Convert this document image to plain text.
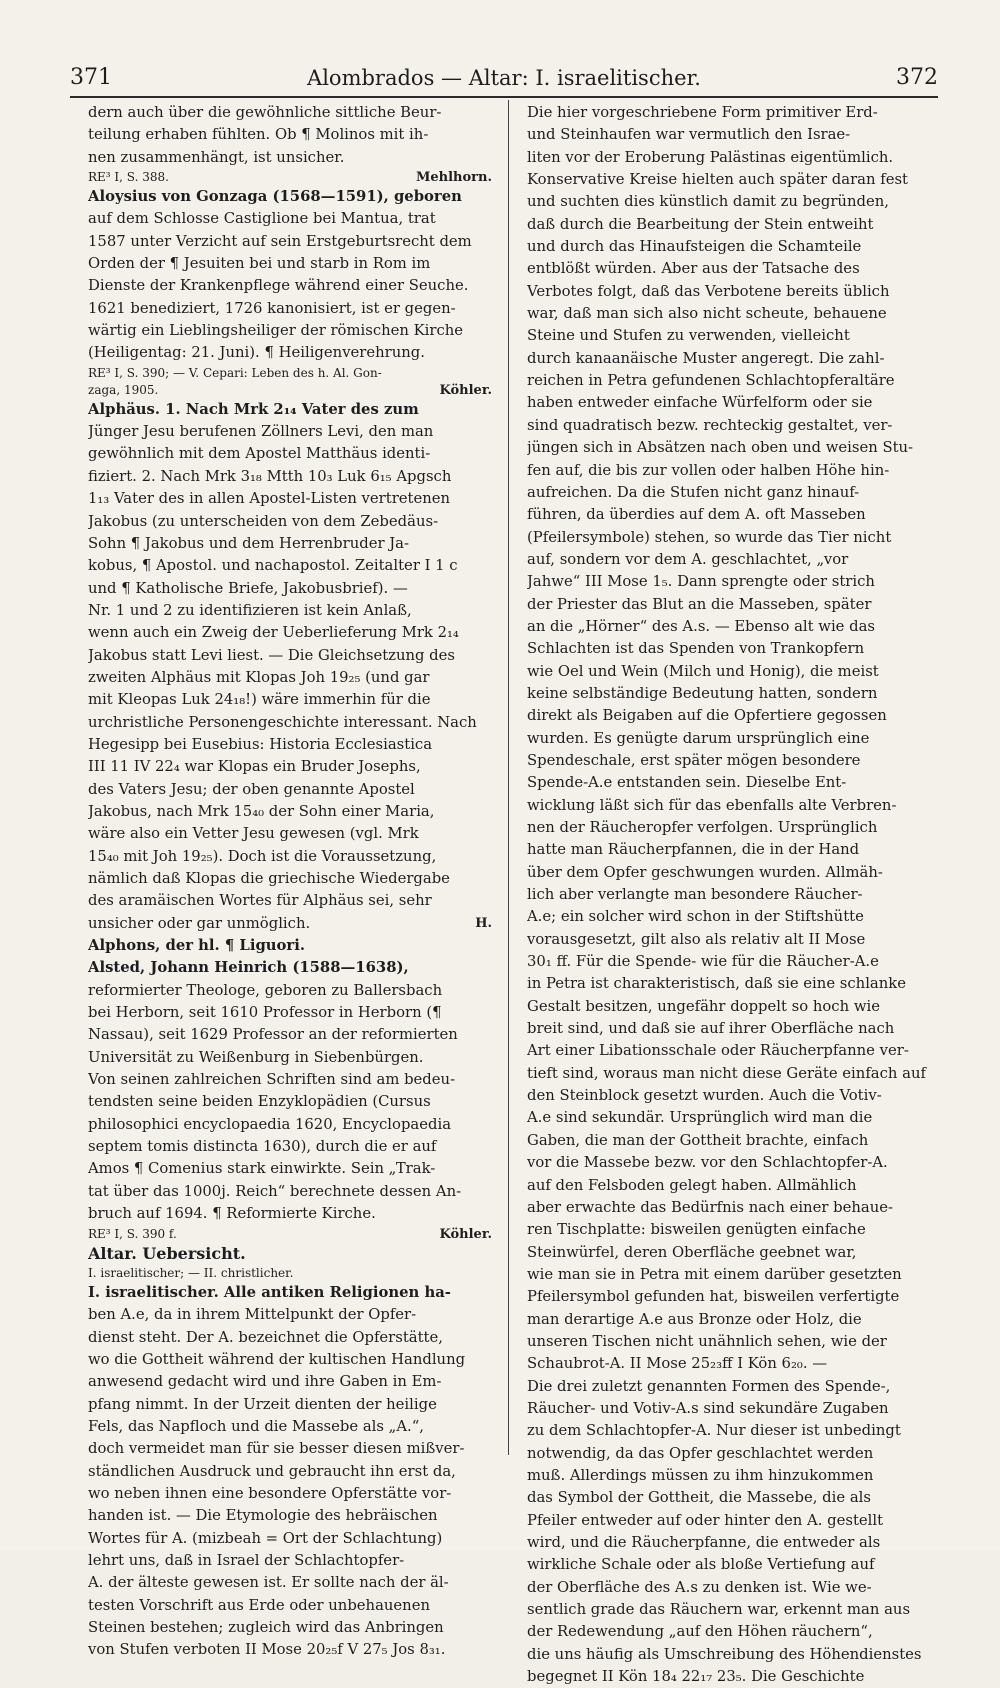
371	Alombrados — Altar: I. israelitischer.	372
dern auch über die gewöhnliche sittliche Beur-
teilung erhaben fühlten. Ob ¶ Molinos mit ih-
nen zusammenhängt, ist unsicher.
RE³ I, S. 388.	Mehlhorn.
Aloysius von Gonzaga (1568—1591), geboren
auf dem Schlosse Castiglione bei Mantua, trat
1587 unter Verzicht auf sein Erstgeburtsrecht dem
Orden der ¶ Jesuiten bei und starb in Rom im
Dienste der Krankenpflege während einer Seuche.
1621 benediziert, 1726 kanonisiert, ist er gegen-
wärtig ein Lieblingsheiliger der römischen Kirche
(Heiligentag: 21. Juni). ¶ Heiligenverehrung.
RE³ I, S. 390; — V. Cepari: Leben des h. Al. Gon-
zaga, 1905.	Köhler.
Alphäus. 1. Nach Mrk 2₁₄ Vater des zum
Jünger Jesu berufenen Zöllners Levi, den man
gewöhnlich mit dem Apostel Matthäus identi-
fiziert. 2. Nach Mrk 3₁₈ Mtth 10₃ Luk 6₁₅ Apgsch
1₁₃ Vater des in allen Apostel-Listen vertretenen
Jakobus (zu unterscheiden von dem Zebedäus-
Sohn ¶ Jakobus und dem Herrenbruder Ja-
kobus, ¶ Apostol. und nachapostol. Zeitalter I 1 c
und ¶ Katholische Briefe, Jakobusbrief). —
Nr. 1 und 2 zu identifizieren ist kein Anlaß,
wenn auch ein Zweig der Ueberlieferung Mrk 2₁₄
Jakobus statt Levi liest. — Die Gleichsetzung des
zweiten Alphäus mit Klopas Joh 19₂₅ (und gar
mit Kleopas Luk 24₁₈!) wäre immerhin für die
urchristliche Personengeschichte interessant. Nach
Hegesipp bei Eusebius: Historia Ecclesiastica
III 11 IV 22₄ war Klopas ein Bruder Josephs,
des Vaters Jesu; der oben genannte Apostel
Jakobus, nach Mrk 15₄₀ der Sohn einer Maria,
wäre also ein Vetter Jesu gewesen (vgl. Mrk
15₄₀ mit Joh 19₂₅). Doch ist die Voraussetzung,
nämlich daß Klopas die griechische Wiedergabe
des aramäischen Wortes für Alphäus sei, sehr
unsicher oder gar unmöglich.	H.
Alphons, der hl. ¶ Liguori.
Alsted, Johann Heinrich (1588—1638),
reformierter Theologe, geboren zu Ballersbach
bei Herborn, seit 1610 Professor in Herborn (¶
Nassau), seit 1629 Professor an der reformierten
Universität zu Weißenburg in Siebenbürgen.
Von seinen zahlreichen Schriften sind am bedeu-
tendsten seine beiden Enzyklopädien (Cursus
philosophici encyclopaedia 1620, Encyclopaedia
septem tomis distincta 1630), durch die er auf
Amos ¶ Comenius stark einwirkte. Sein „Trak-
tat über das 1000j. Reich“ berechnete dessen An-
bruch auf 1694. ¶ Reformierte Kirche.
RE³ I, S. 390 f.	Köhler.
Altar. Uebersicht.
I. israelitischer; — II. christlicher.
I. israelitischer. Alle antiken Religionen ha-
ben A.e, da in ihrem Mittelpunkt der Opfer-
dienst steht. Der A. bezeichnet die Opferstätte,
wo die Gottheit während der kultischen Handlung
anwesend gedacht wird und ihre Gaben in Em-
pfang nimmt. In der Urzeit dienten der heilige
Fels, das Napfloch und die Massebe als „A.“,
doch vermeidet man für sie besser diesen mißver-
ständlichen Ausdruck und gebraucht ihn erst da,
wo neben ihnen eine besondere Opferstätte vor-
handen ist. — Die Etymologie des hebräischen
Wortes für A. (mizbeah = Ort der Schlachtung)
lehrt uns, daß in Israel der Schlachtopfer-
A. der älteste gewesen ist. Er sollte nach der äl-
testen Vorschrift aus Erde oder unbehauenen
Steinen bestehen; zugleich wird das Anbringen
von Stufen verboten II Mose 20₂₅f V 27₅ Jos 8₃₁.
Die hier vorgeschriebene Form primitiver Erd-
und Steinhaufen war vermutlich den Israe-
liten vor der Eroberung Palästinas eigentümlich.
Konservative Kreise hielten auch später daran fest
und suchten dies künstlich damit zu begründen,
daß durch die Bearbeitung der Stein entweiht
und durch das Hinaufsteigen die Schamteile
entblößt würden. Aber aus der Tatsache des
Verbotes folgt, daß das Verbotene bereits üblich
war, daß man sich also nicht scheute, behauene
Steine und Stufen zu verwenden, vielleicht
durch kanaanäische Muster angeregt. Die zahl-
reichen in Petra gefundenen Schlachtopferaltäre
haben entweder einfache Würfelform oder sie
sind quadratisch bezw. rechteckig gestaltet, ver-
jüngen sich in Absätzen nach oben und weisen Stu-
fen auf, die bis zur vollen oder halben Höhe hin-
aufreichen. Da die Stufen nicht ganz hinauf-
führen, da überdies auf dem A. oft Masseben
(Pfeilersymbole) stehen, so wurde das Tier nicht
auf, sondern vor dem A. geschlachtet, „vor
Jahwe“ III Mose 1₅. Dann sprengte oder strich
der Priester das Blut an die Masseben, später
an die „Hörner“ des A.s. — Ebenso alt wie das
Schlachten ist das Spenden von Trankopfern
wie Oel und Wein (Milch und Honig), die meist
keine selbständige Bedeutung hatten, sondern
direkt als Beigaben auf die Opfertiere gegossen
wurden. Es genügte darum ursprünglich eine
Spendeschale, erst später mögen besondere
Spende-A.e entstanden sein. Dieselbe Ent-
wicklung läßt sich für das ebenfalls alte Verbren-
nen der Räucheropfer verfolgen. Ursprünglich
hatte man Räucherpfannen, die in der Hand
über dem Opfer geschwungen wurden. Allmäh-
lich aber verlangte man besondere Räucher-
A.e; ein solcher wird schon in der Stiftshütte
vorausgesetzt, gilt also als relativ alt II Mose
30₁ ff. Für die Spende- wie für die Räucher-A.e
in Petra ist charakteristisch, daß sie eine schlanke
Gestalt besitzen, ungefähr doppelt so hoch wie
breit sind, und daß sie auf ihrer Oberfläche nach
Art einer Libationsschale oder Räucherpfanne ver-
tieft sind, woraus man nicht diese Geräte einfach auf
den Steinblock gesetzt wurden. Auch die Votiv-
A.e sind sekundär. Ursprünglich wird man die
Gaben, die man der Gottheit brachte, einfach
vor die Massebe bezw. vor den Schlachtopfer-A.
auf den Felsboden gelegt haben. Allmählich
aber erwachte das Bedürfnis nach einer behaue-
ren Tischplatte: bisweilen genügten einfache
Steinwürfel, deren Oberfläche geebnet war,
wie man sie in Petra mit einem darüber gesetzten
Pfeilersymbol gefunden hat, bisweilen verfertigte
man derartige A.e aus Bronze oder Holz, die
unseren Tischen nicht unähnlich sehen, wie der
Schaubrot-A. II Mose 25₂₃ff I Kön 6₂₀. —
Die drei zuletzt genannten Formen des Spende-,
Räucher- und Votiv-A.s sind sekundäre Zugaben
zu dem Schlachtopfer-A. Nur dieser ist unbedingt
notwendig, da das Opfer geschlachtet werden
muß. Allerdings müssen zu ihm hinzukommen
das Symbol der Gottheit, die Massebe, die als
Pfeiler entweder auf oder hinter den A. gestellt
wird, und die Räucherpfanne, die entweder als
wirkliche Schale oder als bloße Vertiefung auf
der Oberfläche des A.s zu denken ist. Wie we-
sentlich grade das Räuchern war, erkennt man aus
der Redewendung „auf den Höhen räuchern“,
die uns häufig als Umschreibung des Höhendienstes
begegnet II Kön 18₄ 22₁₇ 23₅. Die Geschichte
